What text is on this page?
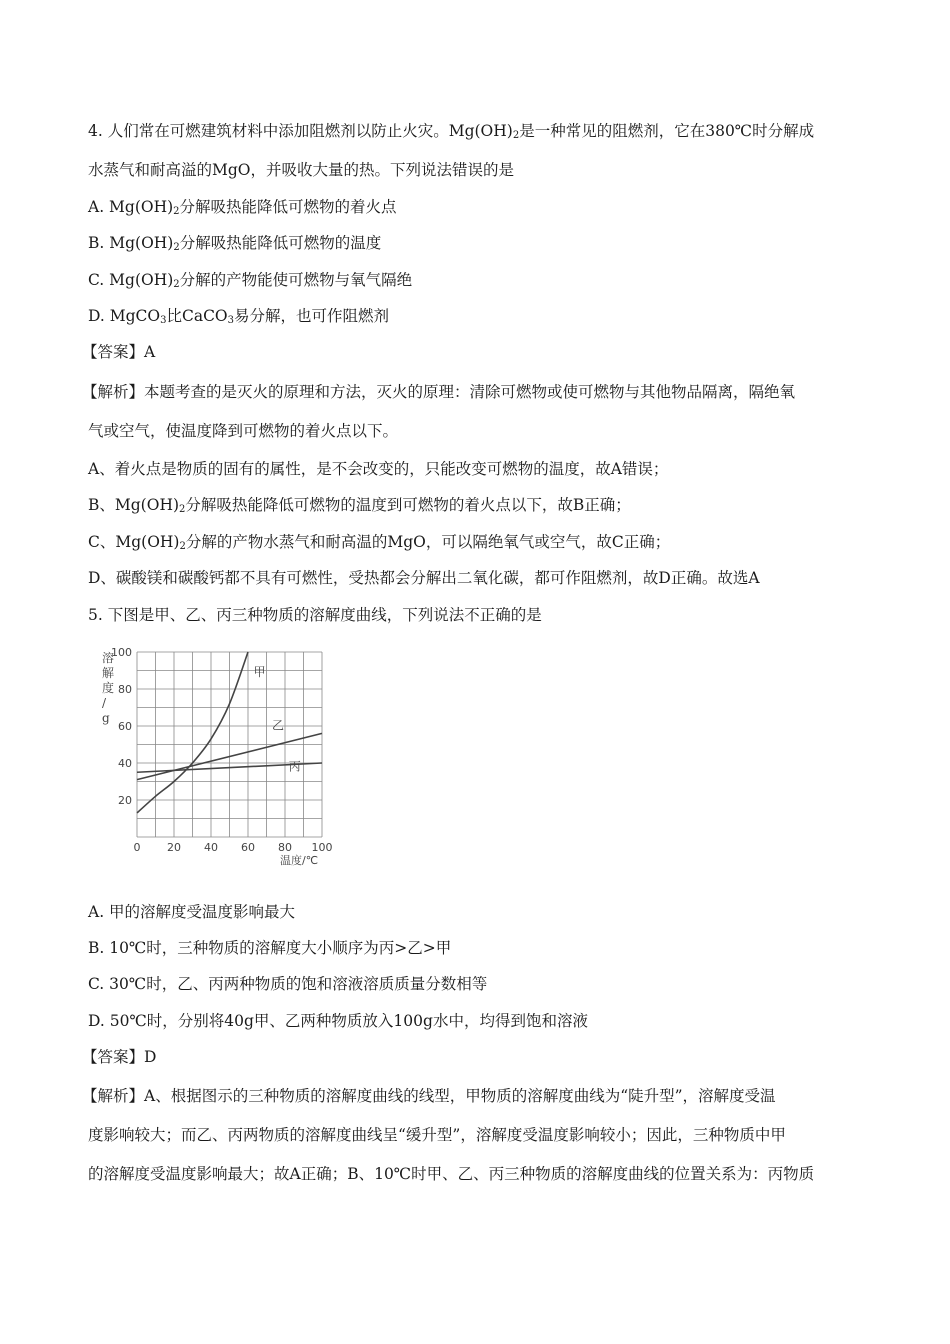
4. 人们常在可燃建筑材料中添加阻燃剂以防止火灾。$Mg(OH)_2$是一种常见的阻燃剂，它在380℃时分解成

水蒸气和耐高溢的MgO，并吸收大量的热。下列说法错误的是

A. $Mg(OH)_2$分解吸热能降低可燃物的着火点

B. $Mg(OH)_2$分解吸热能降低可燃物的温度

C. $Mg(OH)_2$分解的产物能使可燃物与氧气隔绝

D. MgCO$_3$比CaCO$_3$易分解，也可作阻燃剂

【答案】A

【解析】本题考查的是灭火的原理和方法，灭火的原理：清除可燃物或使可燃物与其他物品隔离，隔绝氧

气或空气，使温度降到可燃物的着火点以下。

A、着火点是物质的固有的属性，是不会改变的，只能改变可燃物的温度，故A错误；

B、$Mg(OH)_2$分解吸热能降低可燃物的温度到可燃物的着火点以下，故B正确；

C、$Mg(OH)_2$分解的产物水蒸气和耐高温的MgO，可以隔绝氧气或空气，故C正确；

D、碳酸镁和碳酸钙都不具有可燃性，受热都会分解出二氧化碳，都可作阻燃剂，故D正确。故选A

5. 下图是甲、乙、丙三种物质的溶解度曲线，下列说法不正确的是

0 20 40 60 80 100
20
40
60
80
100
溶解度/ g
温度/℃
甲
乙
丙

A. 甲的溶解度受温度影响最大

B. 10℃时，三种物质的溶解度大小顺序为丙>乙>甲

C. 30℃时，乙、丙两种物质的饱和溶液溶质质量分数相等

D. 50℃时，分别将40g甲、乙两种物质放入100g水中，均得到饱和溶液

【答案】D

【解析】A、根据图示的三种物质的溶解度曲线的线型，甲物质的溶解度曲线为“陡升型”，溶解度受温

度影响较大；而乙、丙两物质的溶解度曲线呈“缓升型”，溶解度受温度影响较小；因此，三种物质中甲

的溶解度受温度影响最大；故A正确；B、10℃时甲、乙、丙三种物质的溶解度曲线的位置关系为：丙物质
